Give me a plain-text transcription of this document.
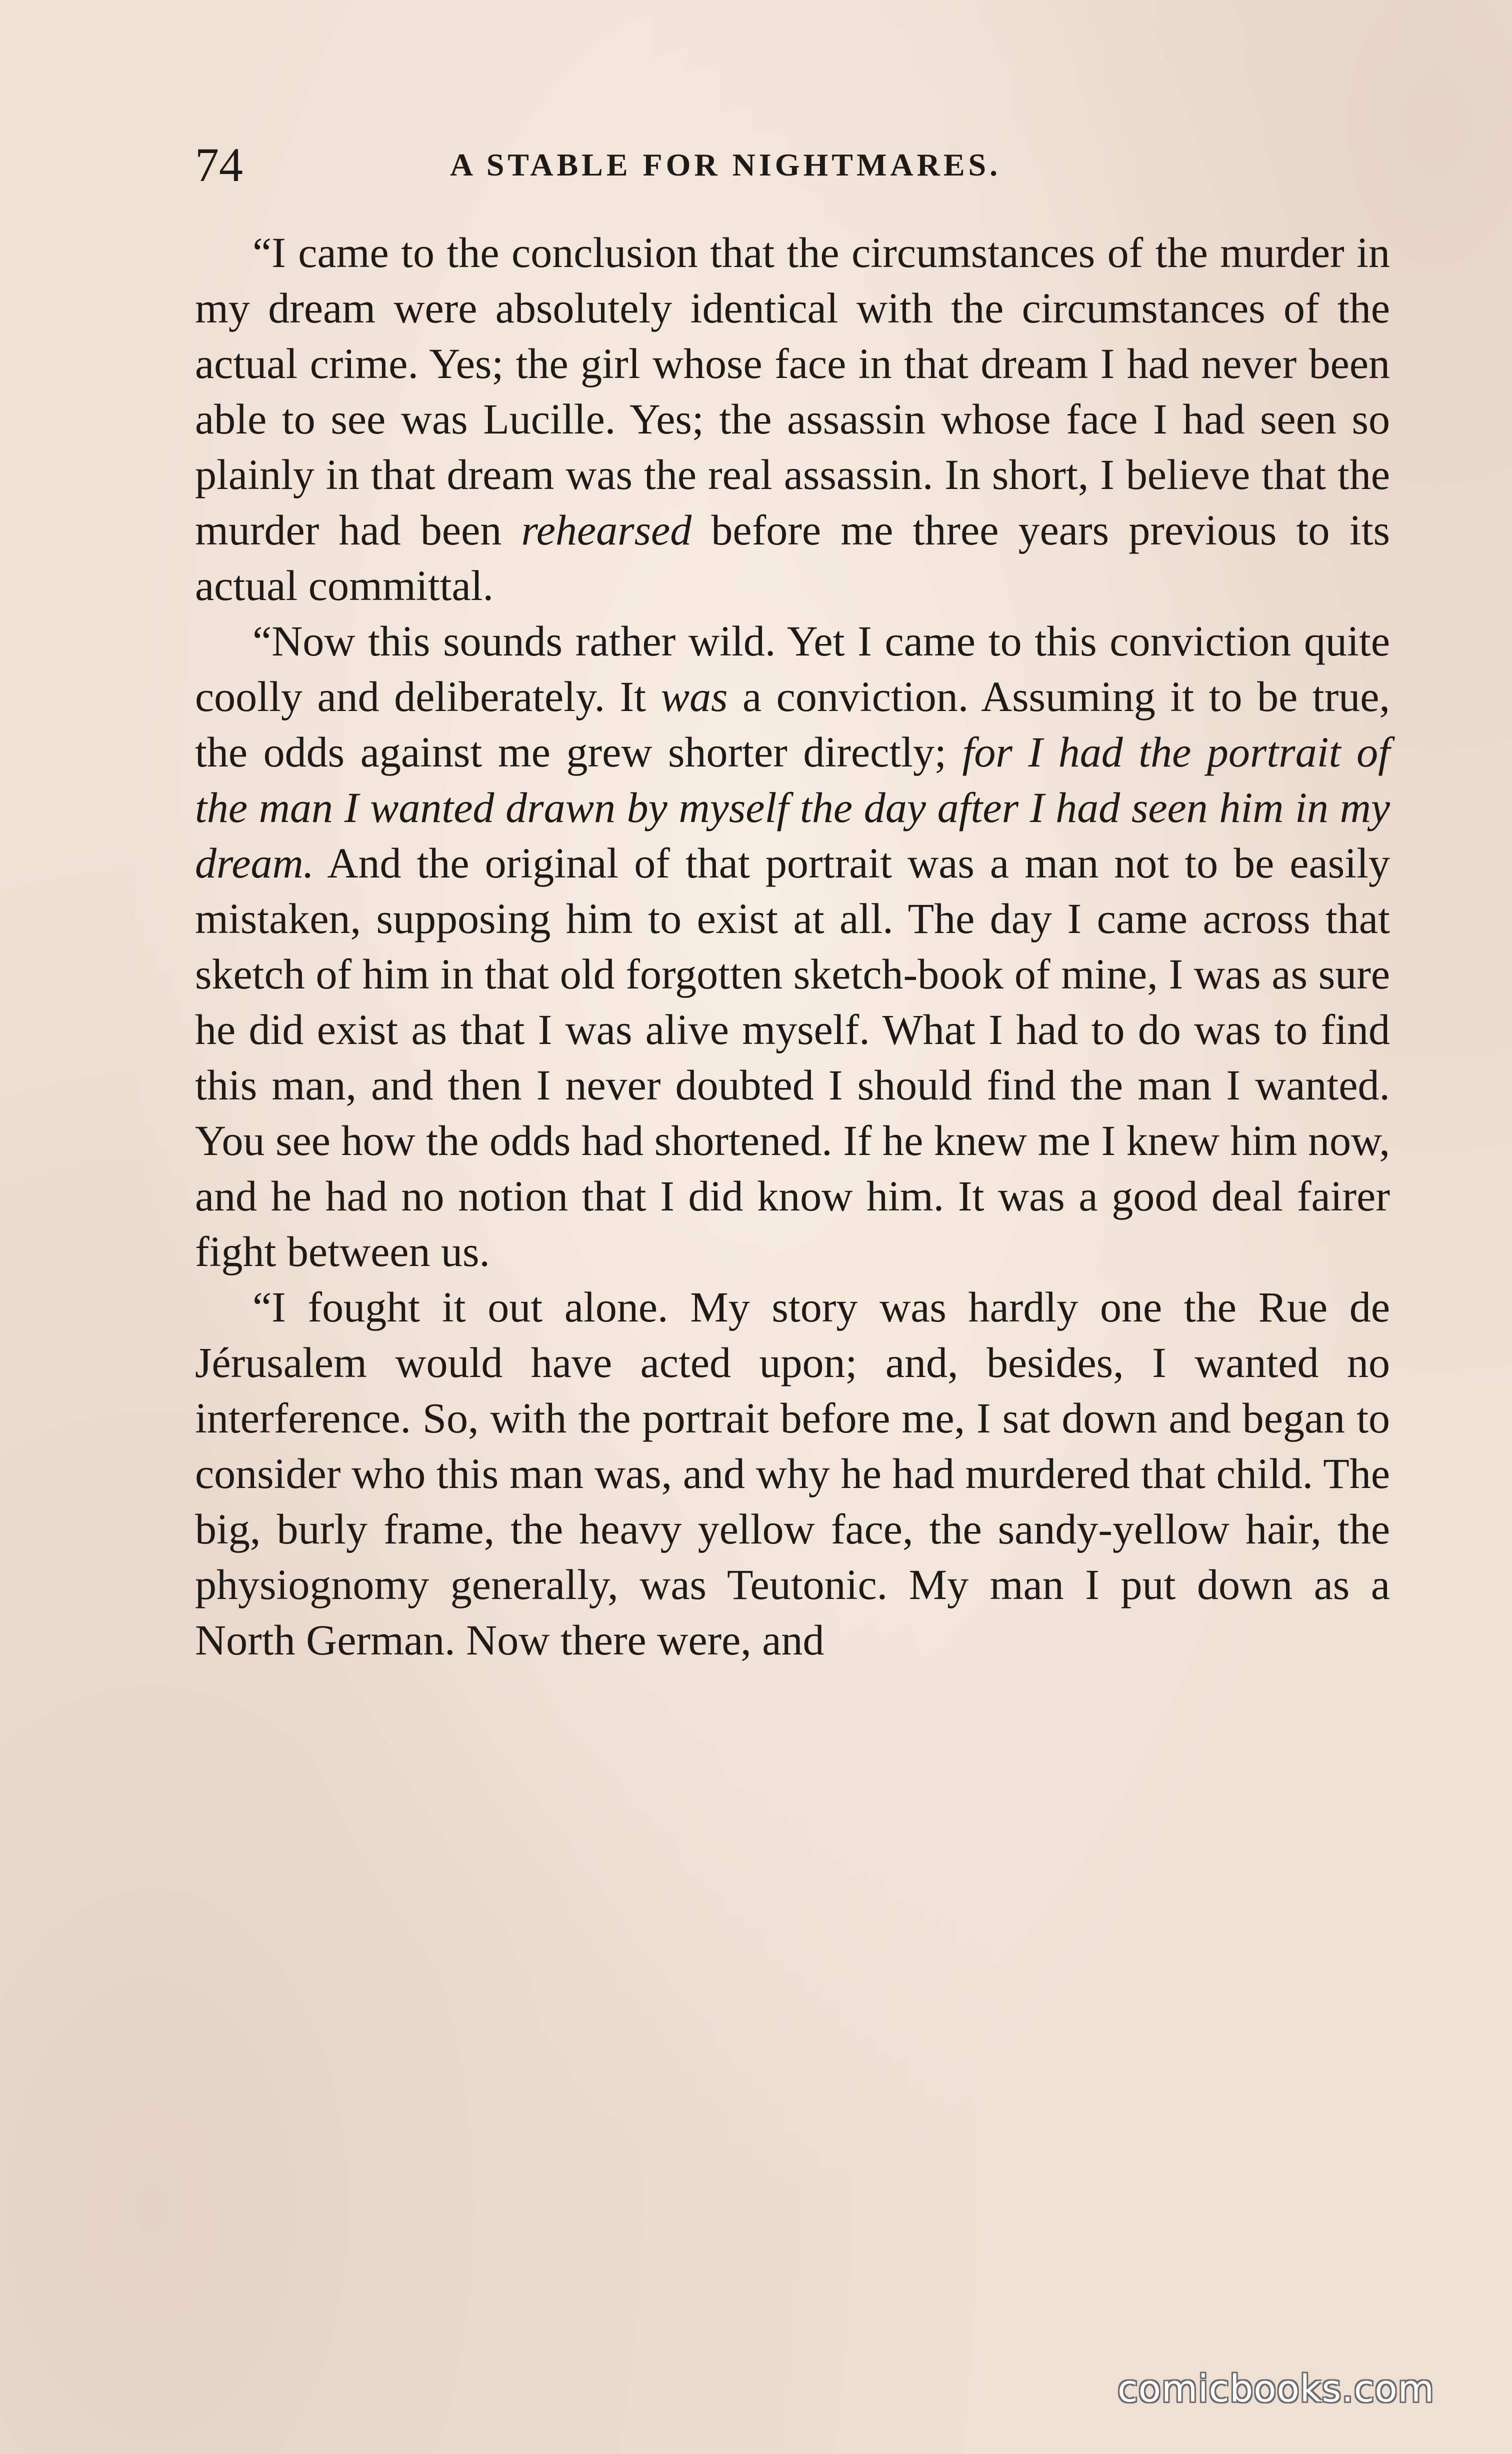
74	A STABLE FOR NIGHTMARES.

“I came to the conclusion that the circumstances of the murder in my dream were absolutely identical with the circumstances of the actual crime. Yes; the girl whose face in that dream I had never been able to see was Lucille. Yes; the assassin whose face I had seen so plainly in that dream was the real assassin. In short, I believe that the murder had been rehearsed before me three years previous to its actual committal.

“Now this sounds rather wild. Yet I came to this conviction quite coolly and deliberately. It was a conviction. Assuming it to be true, the odds against me grew shorter directly; for I had the portrait of the man I wanted drawn by myself the day after I had seen him in my dream. And the original of that portrait was a man not to be easily mistaken, supposing him to exist at all. The day I came across that sketch of him in that old forgotten sketch-book of mine, I was as sure he did exist as that I was alive myself. What I had to do was to find this man, and then I never doubted I should find the man I wanted. You see how the odds had shortened. If he knew me I knew him now, and he had no notion that I did know him. It was a good deal fairer fight between us.

“I fought it out alone. My story was hardly one the Rue de Jérusalem would have acted upon; and, besides, I wanted no interference. So, with the portrait before me, I sat down and began to consider who this man was, and why he had murdered that child. The big, burly frame, the heavy yellow face, the sandy-yellow hair, the physiognomy generally, was Teutonic. My man I put down as a North German. Now there were, and

comicbooks.com
